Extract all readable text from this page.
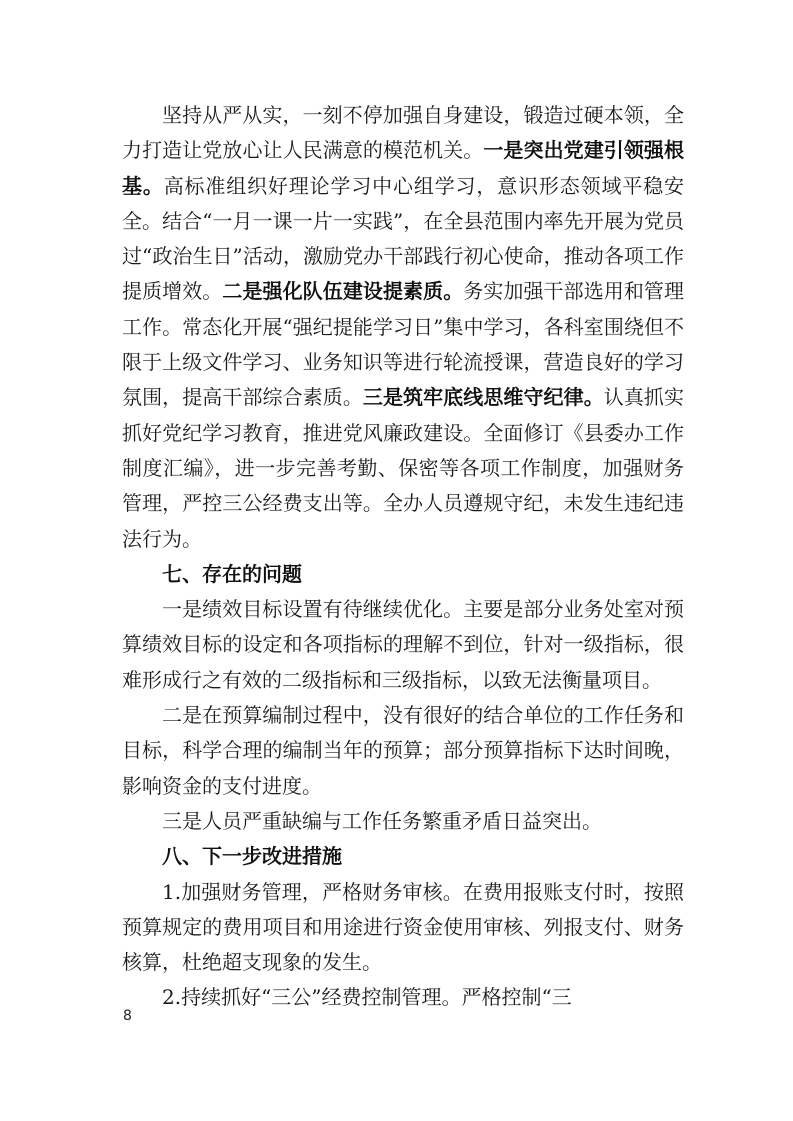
坚持从严从实，一刻不停加强自身建设，锻造过硬本领，全力打造让党放心让人民满意的模范机关。一是突出党建引领强根基。高标准组织好理论学习中心组学习，意识形态领域平稳安全。结合“一月一课一片一实践”，在全县范围内率先开展为党员过“政治生日”活动，激励党办干部践行初心使命，推动各项工作提质增效。二是强化队伍建设提素质。务实加强干部选用和管理工作。常态化开展“强纪提能学习日”集中学习，各科室围绕但不限于上级文件学习、业务知识等进行轮流授课，营造良好的学习氛围，提高干部综合素质。三是筑牢底线思维守纪律。认真抓实抓好党纪学习教育，推进党风廉政建设。全面修订《县委办工作制度汇编》，进一步完善考勤、保密等各项工作制度，加强财务管理，严控三公经费支出等。全办人员遵规守纪，未发生违纪违法行为。

七、存在的问题

一是绩效目标设置有待继续优化。主要是部分业务处室对预算绩效目标的设定和各项指标的理解不到位，针对一级指标，很难形成行之有效的二级指标和三级指标，以致无法衡量项目。

二是在预算编制过程中，没有很好的结合单位的工作任务和目标，科学合理的编制当年的预算；部分预算指标下达时间晚，影响资金的支付进度。

三是人员严重缺编与工作任务繁重矛盾日益突出。

八、下一步改进措施

1.加强财务管理，严格财务审核。在费用报账支付时，按照预算规定的费用项目和用途进行资金使用审核、列报支付、财务核算，杜绝超支现象的发生。

2.持续抓好“三公”经费控制管理。严格控制“三

8
